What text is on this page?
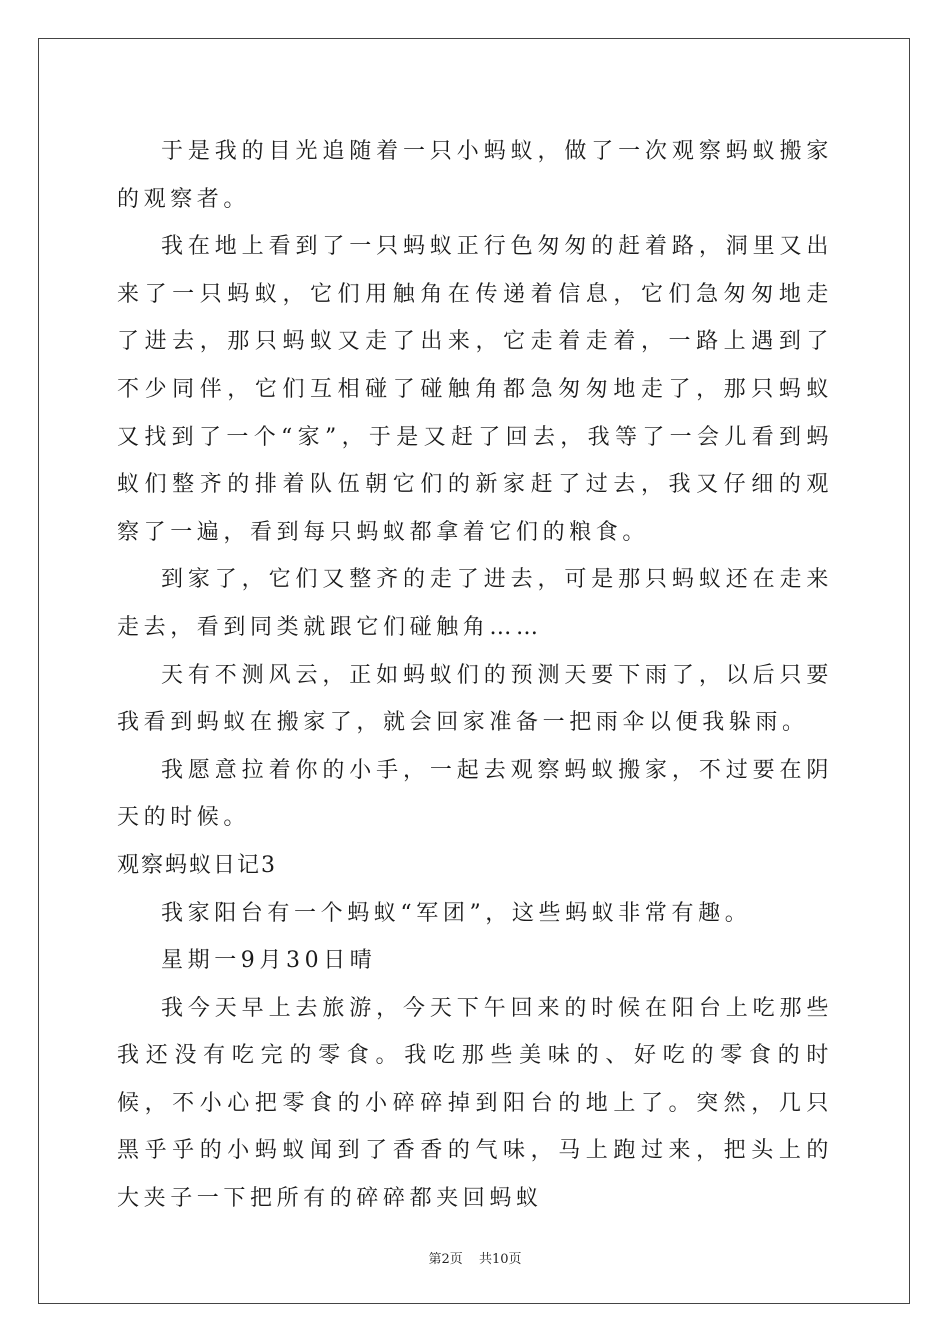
于是我的目光追随着一只小蚂蚁，做了一次观察蚂蚁搬家的观察者。

我在地上看到了一只蚂蚁正行色匆匆的赶着路，洞里又出来了一只蚂蚁，它们用触角在传递着信息，它们急匆匆地走了进去，那只蚂蚁又走了出来，它走着走着，一路上遇到了不少同伴，它们互相碰了碰触角都急匆匆地走了，那只蚂蚁又找到了一个“家”，于是又赶了回去，我等了一会儿看到蚂蚁们整齐的排着队伍朝它们的新家赶了过去，我又仔细的观察了一遍，看到每只蚂蚁都拿着它们的粮食。

到家了，它们又整齐的走了进去，可是那只蚂蚁还在走来走去，看到同类就跟它们碰触角……

天有不测风云，正如蚂蚁们的预测天要下雨了，以后只要我看到蚂蚁在搬家了，就会回家准备一把雨伞以便我躲雨。

我愿意拉着你的小手，一起去观察蚂蚁搬家，不过要在阴天的时候。

观察蚂蚁日记3

我家阳台有一个蚂蚁“军团”，这些蚂蚁非常有趣。

星期一9月30日晴

我今天早上去旅游，今天下午回来的时候在阳台上吃那些我还没有吃完的零食。我吃那些美味的、好吃的零食的时候，不小心把零食的小碎碎掉到阳台的地上了。突然，几只黑乎乎的小蚂蚁闻到了香香的气味，马上跑过来，把头上的大夹子一下把所有的碎碎都夹回蚂蚁

第2页 共10页
